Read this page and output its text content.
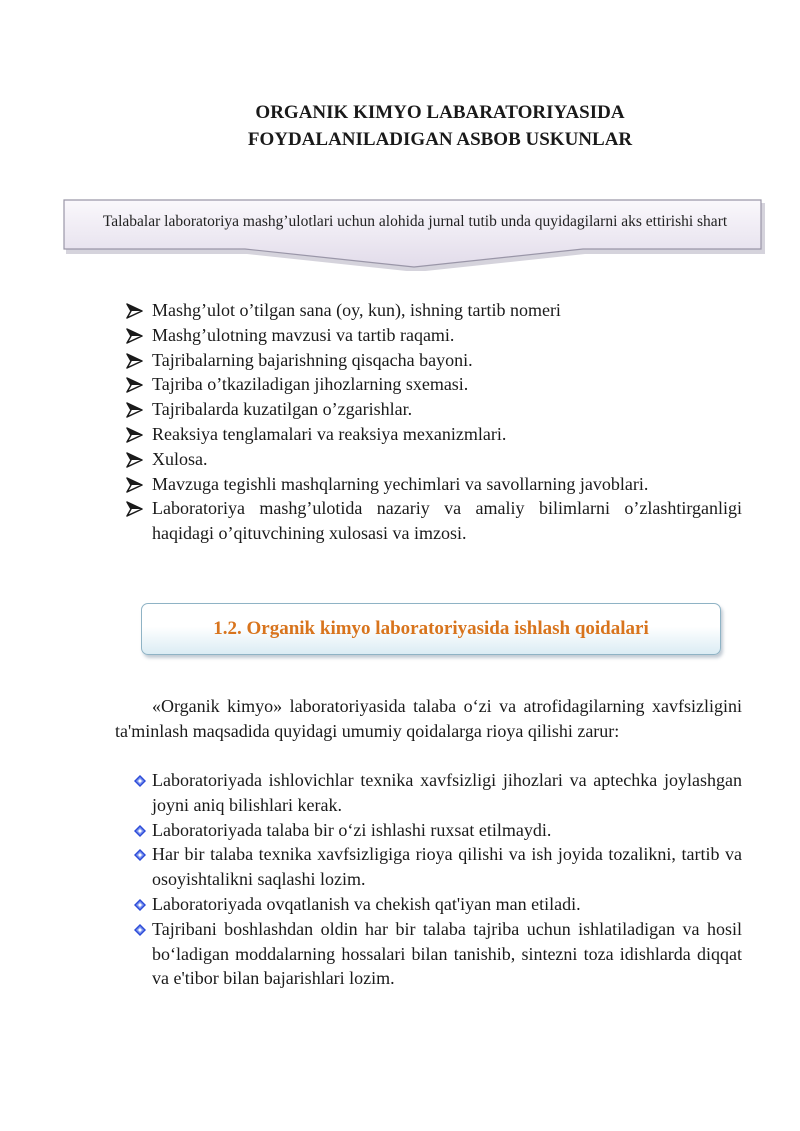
ORGANIK KIMYO LABARATORIYASIDA
FOYDALANILADIGAN ASBOB USKUNLAR
Talabalar laboratoriya mashg’ulotlari uchun alohida jurnal tutib unda quyidagilarni aks ettirishi shart
Mashg’ulot o’tilgan sana (oy, kun), ishning tartib nomeri
Mashg’ulotning mavzusi va tartib raqami.
Tajribalarning bajarishning qisqacha bayoni.
Tajriba o’tkaziladigan jihozlarning sxemasi.
Tajribalarda kuzatilgan o’zgarishlar.
Reaksiya tenglamalari va reaksiya mexanizmlari.
Xulosa.
Mavzuga tegishli mashqlarning yechimlari va savollarning javoblari.
Laboratoriya mashg’ulotida nazariy va amaliy bilimlarni o’zlashtirganligi haqidagi o’qituvchining xulosasi va imzosi.
1.2. Organik kimyo laboratoriyasida ishlash qoidalari

«Organik kimyo» laboratoriyasida talaba o‘zi va atrofidagilarning xavfsizligini ta'minlash maqsadida quyidagi umumiy qoidalarga rioya qilishi zarur:

Laboratoriyada ishlovichlar texnika xavfsizligi jihozlari va aptechka joylashgan joyni aniq bilishlari kerak.
Laboratoriyada talaba bir o‘zi ishlashi ruxsat etilmaydi.
Har bir talaba texnika xavfsizligiga rioya qilishi va ish joyida tozalikni, tartib va osoyishtalikni saqlashi lozim.
Laboratoriyada ovqatlanish va chekish qat'iyan man etiladi.
Tajribani boshlashdan oldin har bir talaba tajriba uchun ishlatiladigan va hosil bo‘ladigan moddalarning hossalari bilan tanishib, sintezni toza idishlarda diqqat va e'tibor bilan bajarishlari lozim.
